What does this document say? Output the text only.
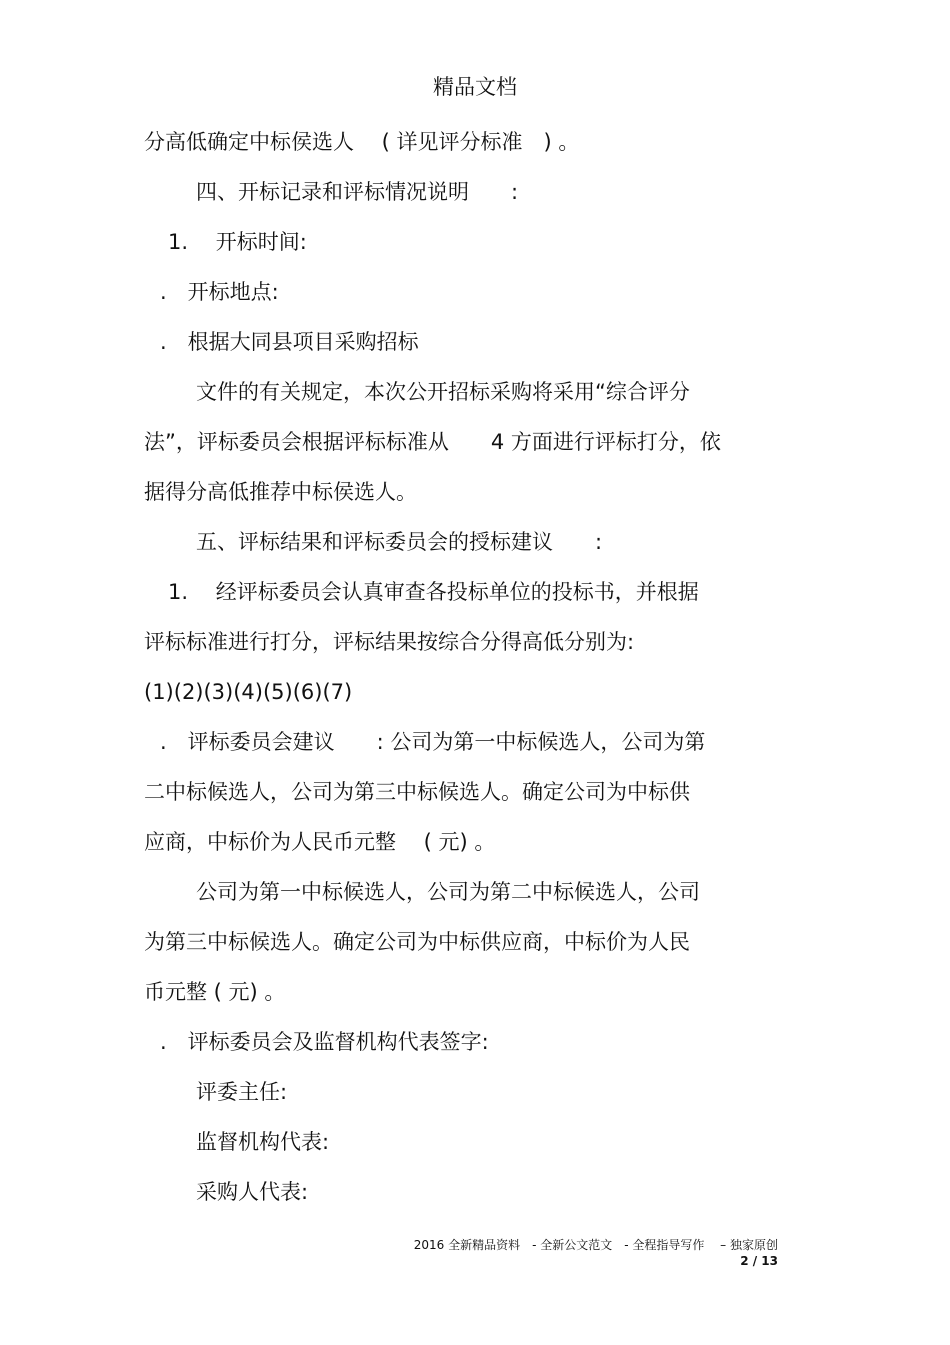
精品文档
分高低确定中标侯选人　 ( 详见评分标准　) 。
四、开标记录和评标情况说明　　:
1.　 开标时间:
.　开标地点:
.　根据大同县项目采购招标
文件的有关规定，本次公开招标采购将采用“综合评分
法”，评标委员会根据评标标准从　　4 方面进行评标打分，依
据得分高低推荐中标侯选人。
五、评标结果和评标委员会的授标建议　　:
1.　 经评标委员会认真审查各投标单位的投标书，并根据
评标标准进行打分，评标结果按综合分得高低分别为:
(1)(2)(3)(4)(5)(6)(7)
.　评标委员会建议　　: 公司为第一中标候选人，公司为第
二中标候选人，公司为第三中标候选人。确定公司为中标供
应商，中标价为人民币元整　 ( 元) 。
公司为第一中标候选人，公司为第二中标候选人，公司
为第三中标候选人。确定公司为中标供应商，中标价为人民
币元整 ( 元) 。
.　评标委员会及监督机构代表签字:
评委主任:
监督机构代表:
采购人代表:
2016 全新精品资料　- 全新公文范文　- 全程指导写作　 – 独家原创
2 / 13
